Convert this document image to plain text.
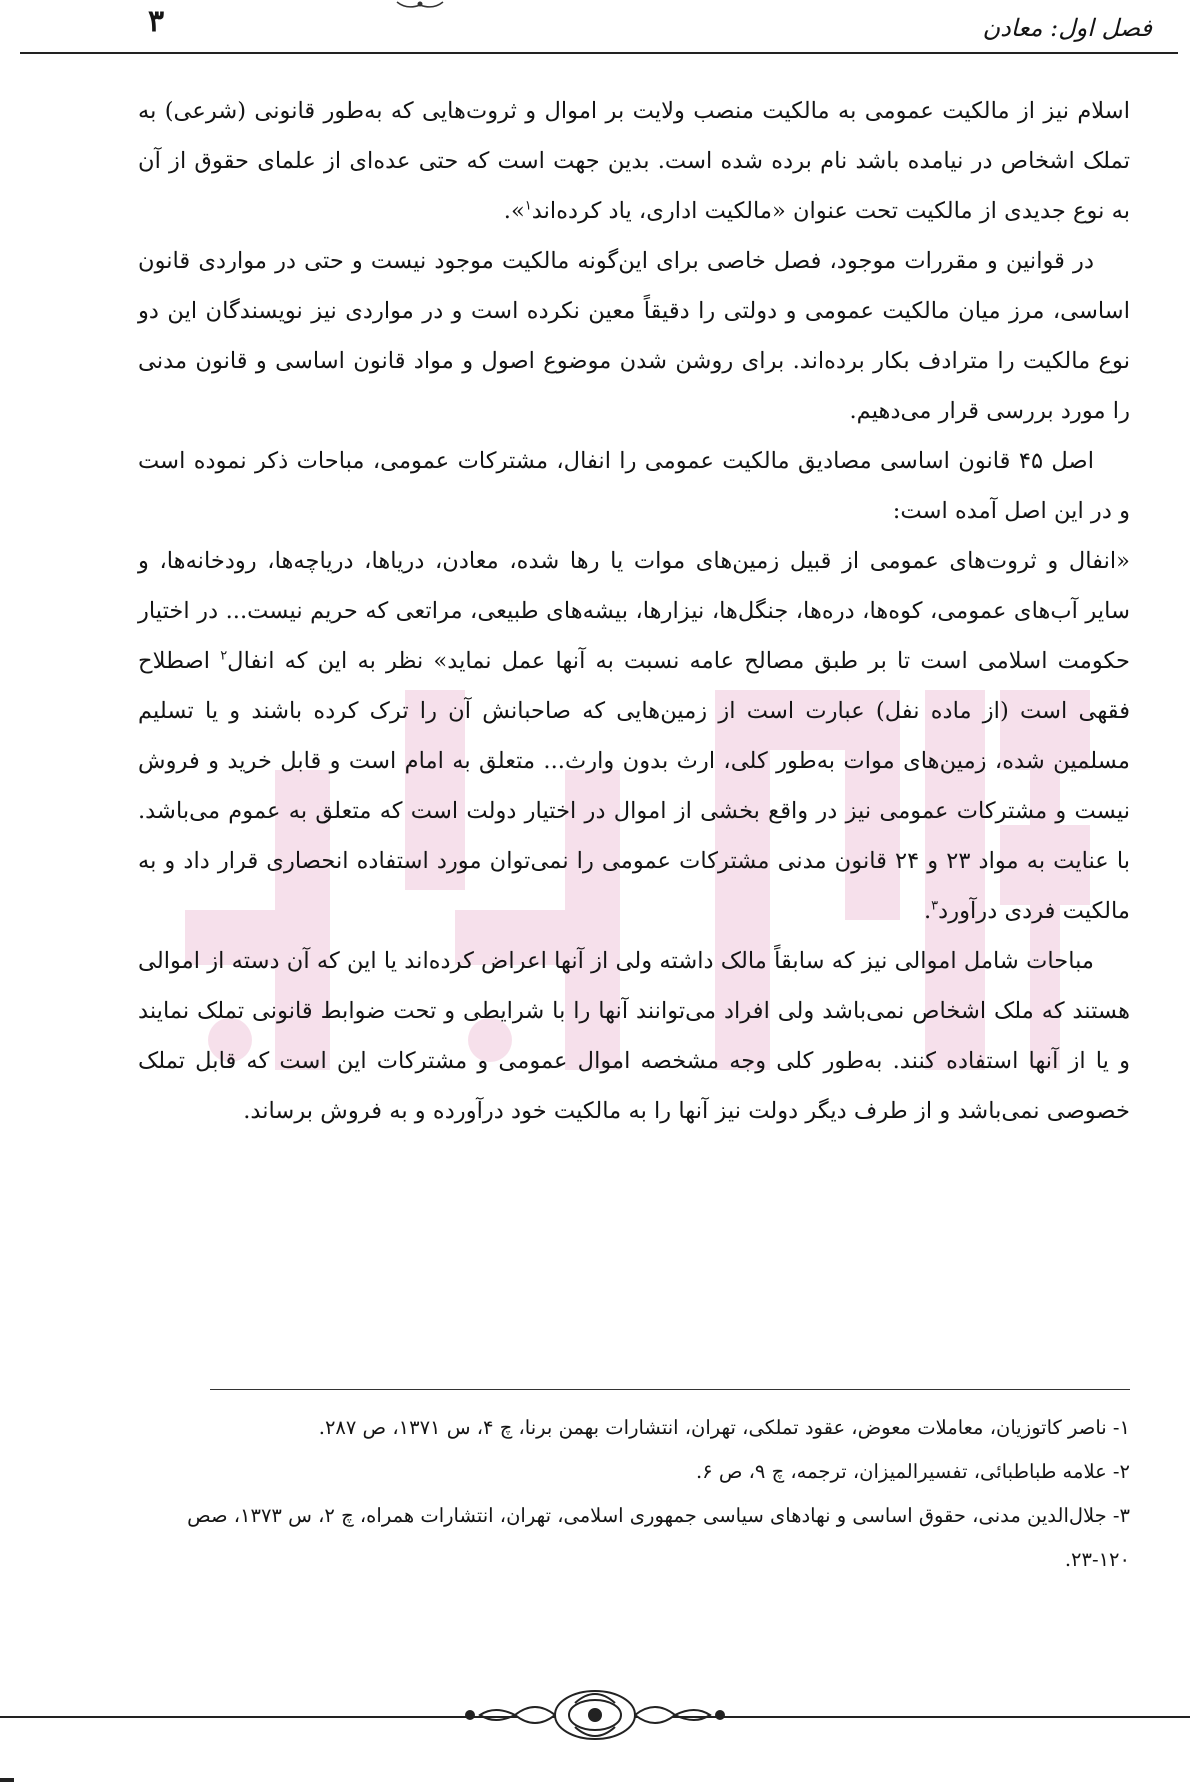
۳	فصل اول: معادن

اسلام نیز از مالکیت عمومی به مالکیت منصب ولایت بر اموال و ثروت‌هایی که به‌طور قانونی (شرعی) به تملک اشخاص در نیامده باشد نام برده شده است. بدین جهت است که حتی عده‌ای از علمای حقوق از آن به نوع جدیدی از مالکیت تحت عنوان «مالکیت اداری، یاد کرده‌اند$^۱$».

در قوانین و مقررات موجود، فصل خاصی برای این‌گونه مالکیت موجود نیست و حتی در مواردی قانون اساسی، مرز میان مالکیت عمومی و دولتی را دقیقاً معین نکرده است و در مواردی نیز نویسندگان این دو نوع مالکیت را مترادف بکار برده‌اند. برای روشن شدن موضوع اصول و مواد قانون اساسی و قانون مدنی را مورد بررسی قرار می‌دهیم.

اصل ۴۵ قانون اساسی مصادیق مالکیت عمومی را انفال، مشترکات عمومی، مباحات ذکر نموده است و در این اصل آمده است:

«انفال و ثروت‌های عمومی از قبیل زمین‌های موات یا رها شده، معادن، دریاها، دریاچه‌ها، رودخانه‌ها، و سایر آب‌های عمومی، کوه‌ها، دره‌ها، جنگل‌ها، نیزارها، بیشه‌های طبیعی، مراتعی که حریم نیست... در اختیار حکومت اسلامی است تا بر طبق مصالح عامه نسبت به آنها عمل نماید» نظر به این که انفال$^۲$ اصطلاح فقهی است (از ماده نفل) عبارت است از زمین‌هایی که صاحبانش آن را ترک کرده باشند و یا تسلیم مسلمین شده، زمین‌های موات به‌طور کلی، ارث بدون وارث... متعلق به امام است و قابل خرید و فروش نیست و مشترکات عمومی نیز در واقع بخشی از اموال در اختیار دولت است که متعلق به عموم می‌باشد. با عنایت به مواد ۲۳ و ۲۴ قانون مدنی مشترکات عمومی را نمی‌توان مورد استفاده انحصاری قرار داد و به مالکیت فردی درآورد$^۳$.

مباحات شامل اموالی نیز که سابقاً مالک داشته ولی از آنها اعراض کرده‌اند یا این که آن دسته از اموالی هستند که ملک اشخاص نمی‌باشد ولی افراد می‌توانند آنها را با شرایطی و تحت ضوابط قانونی تملک نمایند و یا از آنها استفاده کنند. به‌طور کلی وجه مشخصه اموال عمومی و مشترکات این است که قابل تملک خصوصی نمی‌باشد و از طرف دیگر دولت نیز آنها را به مالکیت خود درآورده و به فروش برساند.

۱- ناصر کاتوزیان، معاملات معوض، عقود تملکی، تهران، انتشارات بهمن برنا، چ ۴، س ۱۳۷۱، ص ۲۸۷.

۲- علامه طباطبائی، تفسیرالمیزان، ترجمه، چ ۹، ص ۶.

۳- جلال‌الدین مدنی، حقوق اساسی و نهادهای سیاسی جمهوری اسلامی، تهران، انتشارات همراه، چ ۲، س ۱۳۷۳، صص ۱۲۰-۲۳.
